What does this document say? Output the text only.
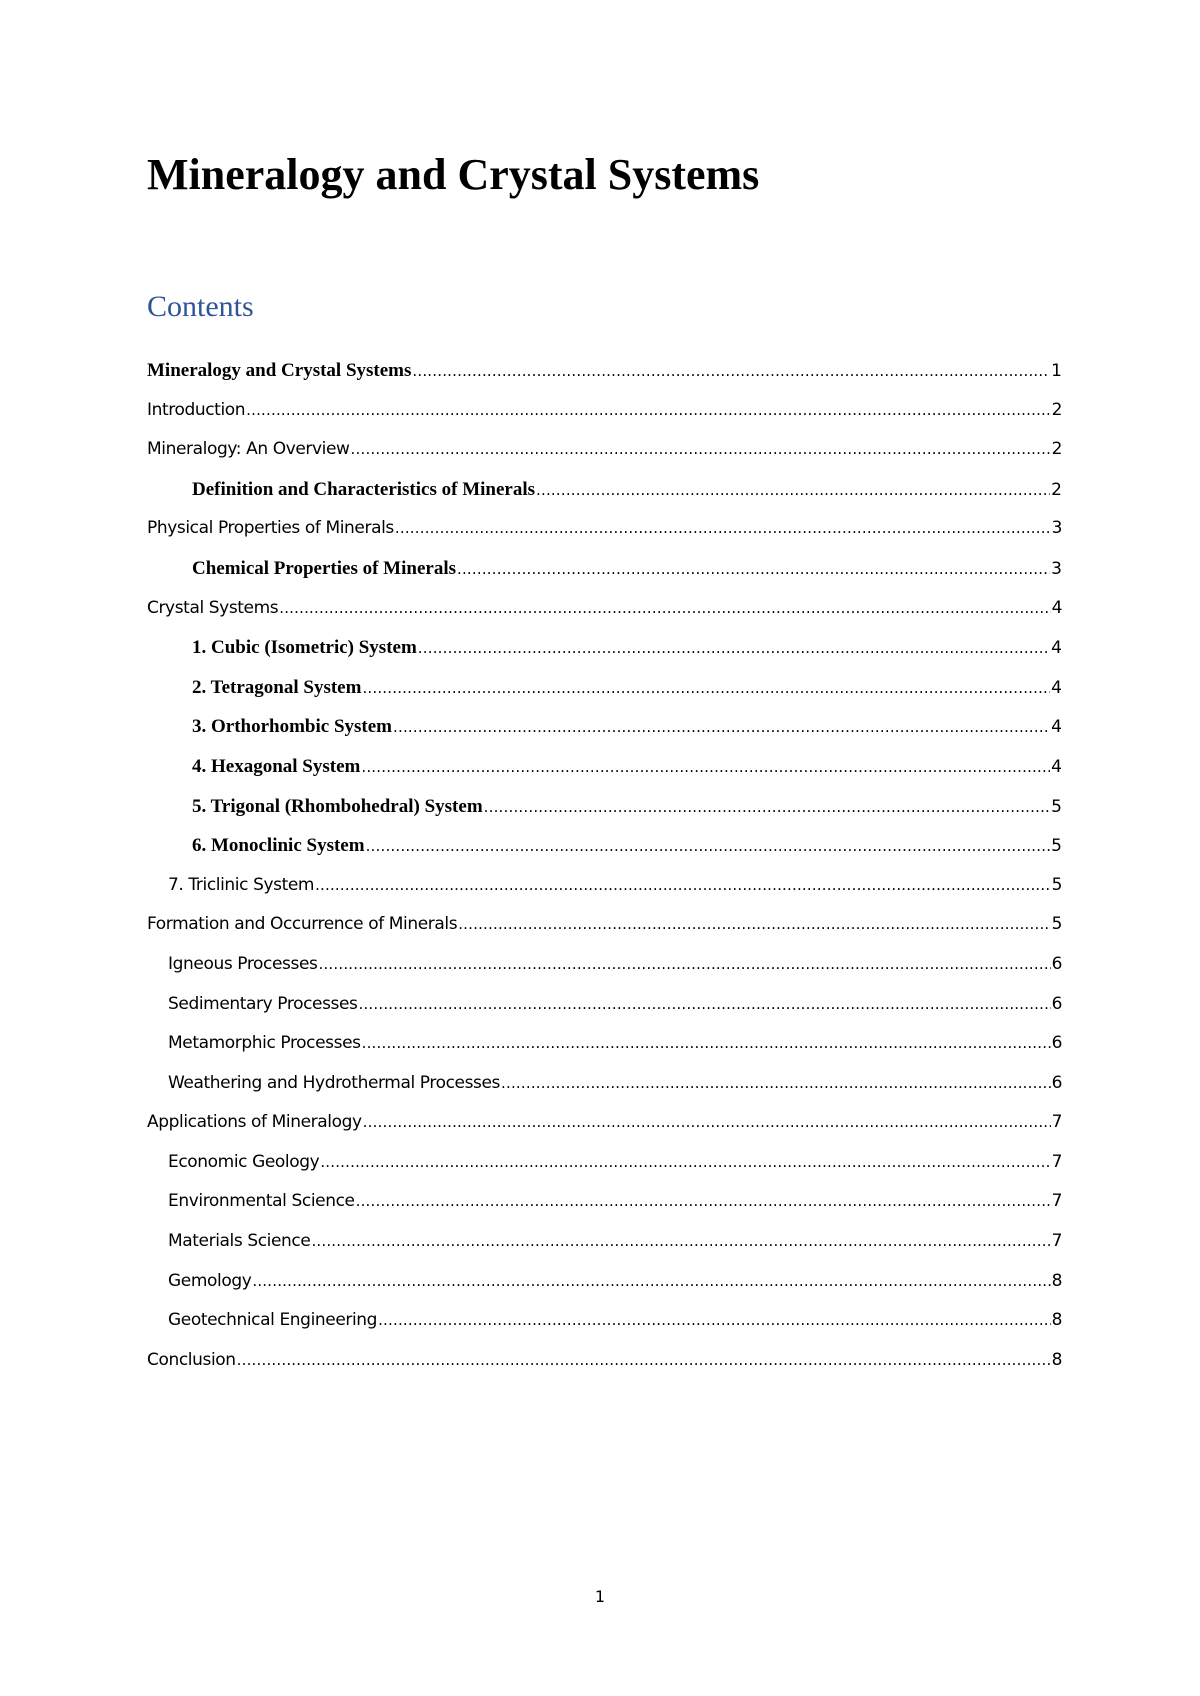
Mineralogy and Crystal Systems
Contents
Mineralogy and Crystal Systems .....	1
Introduction .....	2
Mineralogy: An Overview .....	2
Definition and Characteristics of Minerals .....	2
Physical Properties of Minerals .....	3
Chemical Properties of Minerals .....	3
Crystal Systems .....	4
1. Cubic (Isometric) System .....	4
2. Tetragonal System .....	4
3. Orthorhombic System .....	4
4. Hexagonal System .....	4
5. Trigonal (Rhombohedral) System .....	5
6. Monoclinic System .....	5
7. Triclinic System .....	5
Formation and Occurrence of Minerals .....	5
Igneous Processes .....	6
Sedimentary Processes .....	6
Metamorphic Processes .....	6
Weathering and Hydrothermal Processes .....	6
Applications of Mineralogy .....	7
Economic Geology .....	7
Environmental Science .....	7
Materials Science .....	7
Gemology .....	8
Geotechnical Engineering .....	8
Conclusion .....	8
1
